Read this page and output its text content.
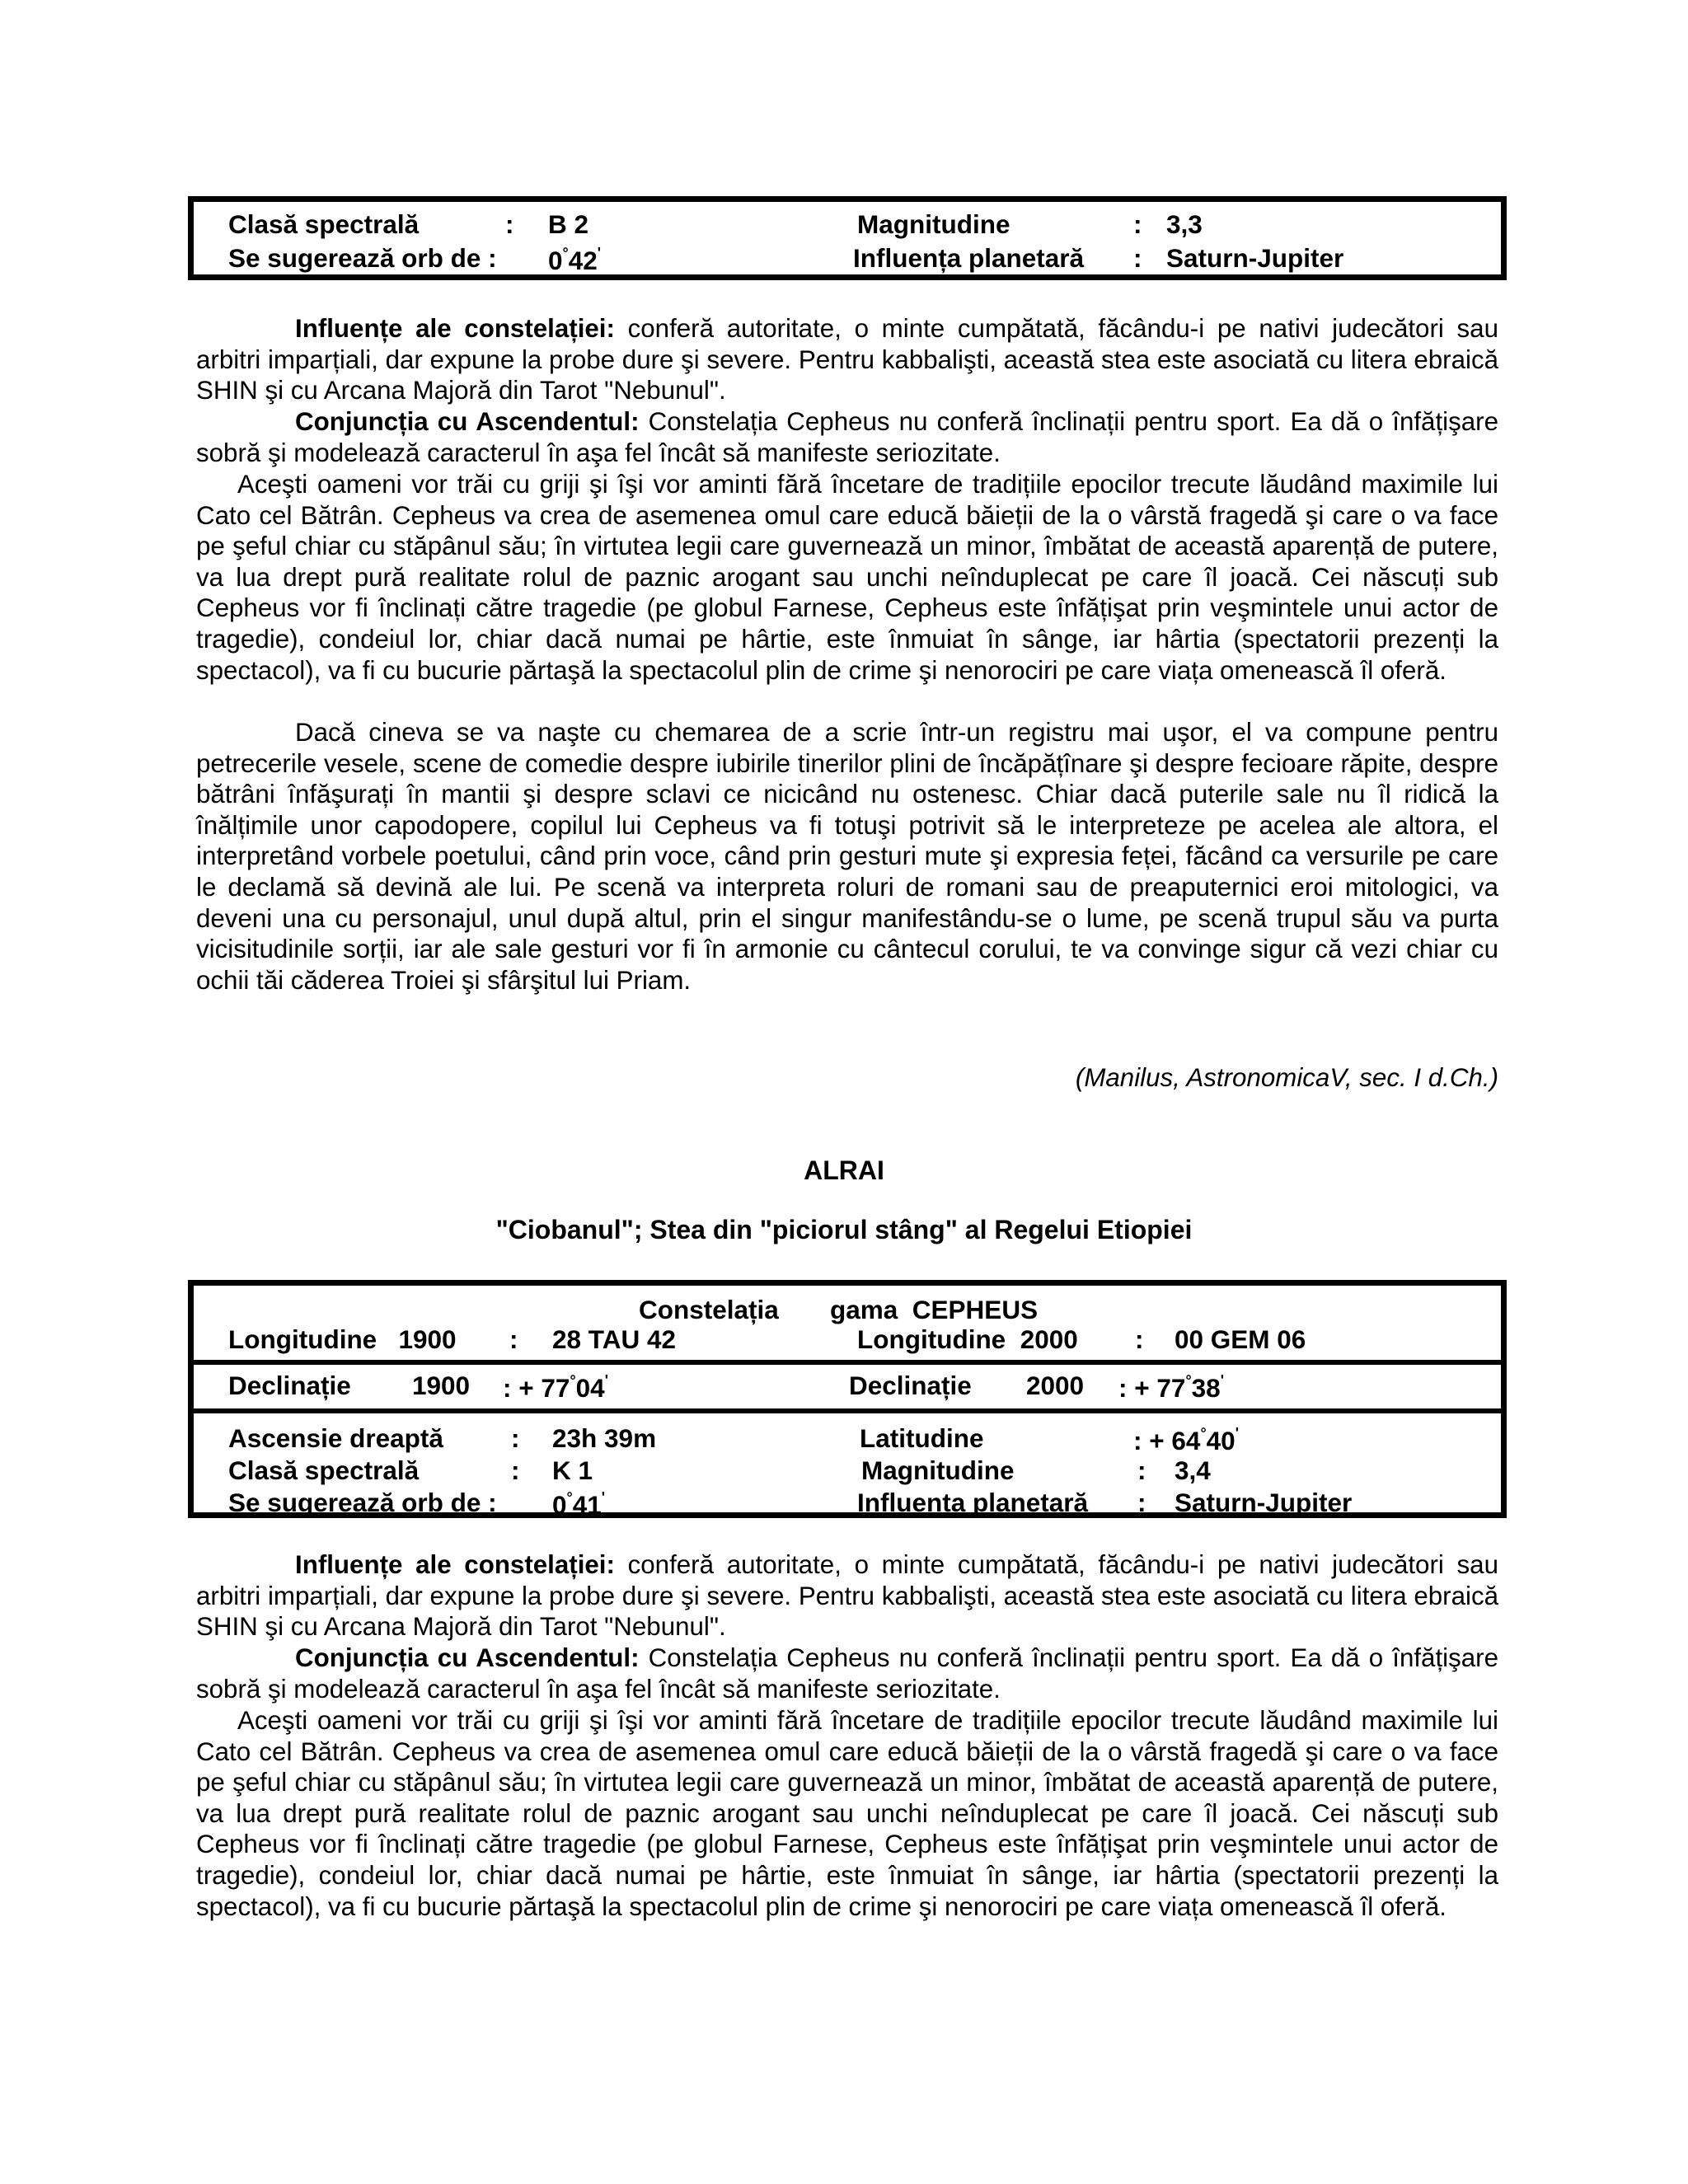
Clasă spectrală	: B 2	Magnitudine	: 3,3
Se sugerează orb de : 0°42'	Influența planetară : Saturn-Jupiter

Influențe ale constelației: conferă autoritate, o minte cumpătată, făcându-i pe nativi judecători sau arbitri imparțiali, dar expune la probe dure şi severe. Pentru kabbalişti, această stea este asociată cu litera ebraică SHIN şi cu Arcana Majoră din Tarot "Nebunul".

Conjuncția cu Ascendentul: Constelația Cepheus nu conferă înclinații pentru sport. Ea dă o înfățişare sobră şi modelează caracterul în aşa fel încât să manifeste seriozitate.

Aceşti oameni vor trăi cu griji şi îşi vor aminti fără încetare de tradițiile epocilor trecute lăudând maximile lui Cato cel Bătrân. Cepheus va crea de asemenea omul care educă băieții de la o vârstă fragedă şi care o va face pe şeful chiar cu stăpânul său; în virtutea legii care guvernează un minor, îmbătat de această aparență de putere, va lua drept pură realitate rolul de paznic arogant sau unchi neînduplecat pe care îl joacă. Cei născuți sub Cepheus vor fi înclinați către tragedie (pe globul Farnese, Cepheus este înfățişat prin veşmintele unui actor de tragedie), condeiul lor, chiar dacă numai pe hârtie, este înmuiat în sânge, iar hârtia (spectatorii prezenți la spectacol), va fi cu bucurie părtaşă la spectacolul plin de crime şi nenorociri pe care viața omenească îl oferă.

Dacă cineva se va naşte cu chemarea de a scrie într-un registru mai uşor, el va compune pentru petrecerile vesele, scene de comedie despre iubirile tinerilor plini de încăpățînare şi despre fecioare răpite, despre bătrâni înfăşurați în mantii şi despre sclavi ce nicicând nu ostenesc. Chiar dacă puterile sale nu îl ridică la înălțimile unor capodopere, copilul lui Cepheus va fi totuşi potrivit să le interpreteze pe acelea ale altora, el interpretând vorbele poetului, când prin voce, când prin gesturi mute şi expresia feței, făcând ca versurile pe care le declamă să devină ale lui. Pe scenă va interpreta roluri de romani sau de preaputernici eroi mitologici, va deveni una cu personajul, unul după altul, prin el singur manifestându-se o lume, pe scenă trupul său va purta vicisitudinile sorții, iar ale sale gesturi vor fi în armonie cu cântecul corului, te va convinge sigur că vezi chiar cu ochii tăi căderea Troiei şi sfârşitul lui Priam.

(Manilus, AstronomicaV, sec. I d.Ch.)
ALRAI
"Ciobanul"; Stea din "piciorul stâng" al Regelui Etiopiei
Constelația gama  CEPHEUS
Longitudine   1900 : 28 TAU 42	Longitudine  2000 : 00 GEM 06
Declinație 1900 : + 77°04'	Declinație 2000 : + 77°38'
Ascensie dreaptă	: 23h 39m	Latitudine	: + 64°40'
Clasă spectrală	: K 1	Magnitudine	: 3,4
Se sugerează orb de : 0°41'	Influența planetară : Saturn-Jupiter

Influențe ale constelației: conferă autoritate, o minte cumpătată, făcându-i pe nativi judecători sau arbitri imparțiali, dar expune la probe dure şi severe. Pentru kabbalişti, această stea este asociată cu litera ebraică SHIN şi cu Arcana Majoră din Tarot "Nebunul".

Conjuncția cu Ascendentul: Constelația Cepheus nu conferă înclinații pentru sport. Ea dă o înfățişare sobră şi modelează caracterul în aşa fel încât să manifeste seriozitate.

Aceşti oameni vor trăi cu griji şi îşi vor aminti fără încetare de tradițiile epocilor trecute lăudând maximile lui Cato cel Bătrân. Cepheus va crea de asemenea omul care educă băieții de la o vârstă fragedă şi care o va face pe şeful chiar cu stăpânul său; în virtutea legii care guvernează un minor, îmbătat de această aparență de putere, va lua drept pură realitate rolul de paznic arogant sau unchi neînduplecat pe care îl joacă. Cei născuți sub Cepheus vor fi înclinați către tragedie (pe globul Farnese, Cepheus este înfățişat prin veşmintele unui actor de tragedie), condeiul lor, chiar dacă numai pe hârtie, este înmuiat în sânge, iar hârtia (spectatorii prezenți la spectacol), va fi cu bucurie părtaşă la spectacolul plin de crime şi nenorociri pe care viața omenească îl oferă.
